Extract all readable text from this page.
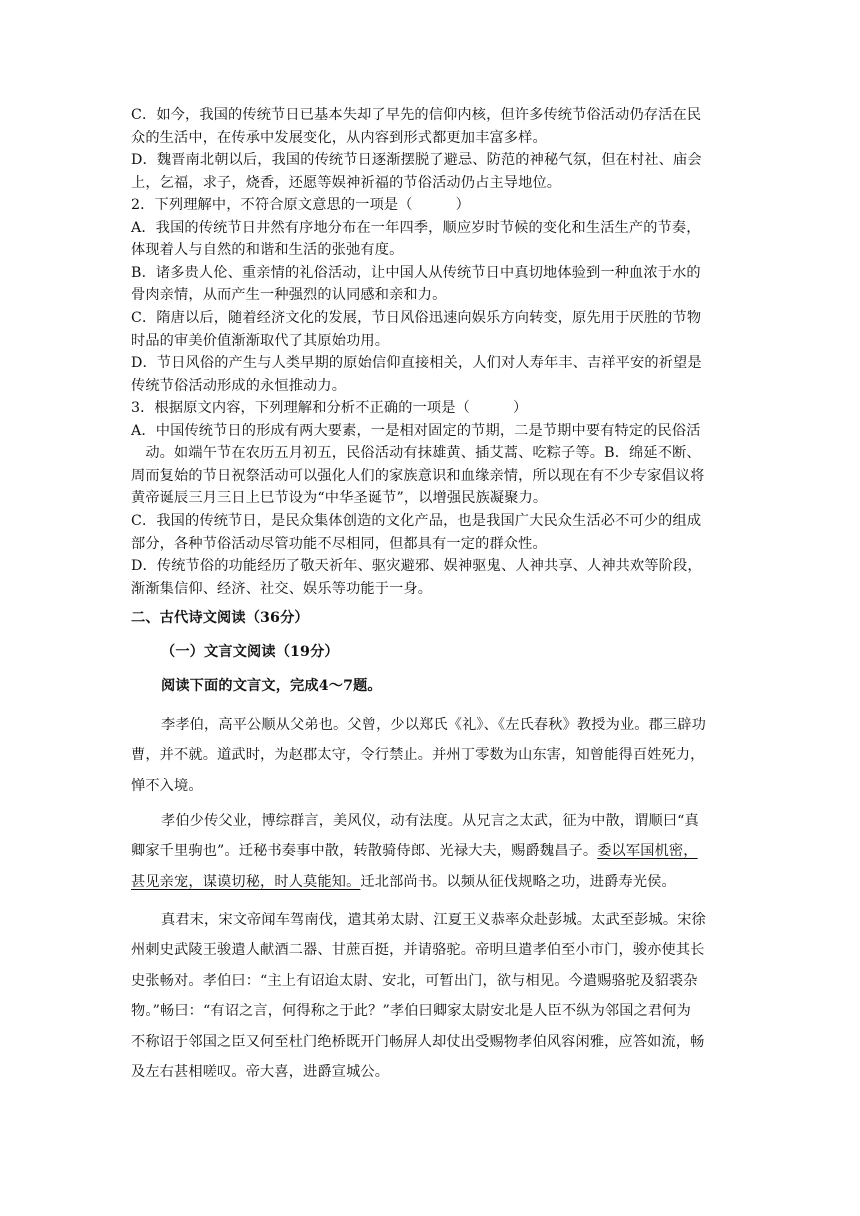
C．如今，我国的传统节日已基本失却了早先的信仰内核，但许多传统节俗活动仍存活在民
众的生活中，在传承中发展变化，从内容到形式都更加丰富多样。
D．魏晋南北朝以后，我国的传统节日逐渐摆脱了避忌、防范的神秘气氛，但在村社、庙会
上，乞福，求子，烧香，还愿等娱神祈福的节俗活动仍占主导地位。
2．下列理解中，不符合原文意思的一项是（　　　）
A．我国的传统节日井然有序地分布在一年四季，顺应岁时节候的变化和生活生产的节奏，
体现着人与自然的和谐和生活的张弛有度。
B．诸多贵人伦、重亲情的礼俗活动，让中国人从传统节日中真切地体验到一种血浓于水的
骨肉亲情，从而产生一种强烈的认同感和亲和力。
C．隋唐以后，随着经济文化的发展，节日风俗迅速向娱乐方向转变，原先用于厌胜的节物
时品的审美价值渐渐取代了其原始功用。
D．节日风俗的产生与人类早期的原始信仰直接相关，人们对人寿年丰、吉祥平安的祈望是
传统节俗活动形成的永恒推动力。
3．根据原文内容，下列理解和分析不正确的一项是（　　　）
A．中国传统节日的形成有两大要素，一是相对固定的节期，二是节期中要有特定的民俗活
　动。如端午节在农历五月初五，民俗活动有抹雄黄、插艾蒿、吃粽子等。B．绵延不断、
周而复始的节日祝祭活动可以强化人们的家族意识和血缘亲情，所以现在有不少专家倡议将
黄帝诞辰三月三日上巳节设为“中华圣诞节”，以增强民族凝聚力。
C．我国的传统节日，是民众集体创造的文化产品，也是我国广大民众生活必不可少的组成
部分，各种节俗活动尽管功能不尽相同，但都具有一定的群众性。
D．传统节俗的功能经历了敬天祈年、驱灾避邪、娱神驱鬼、人神共享、人神共欢等阶段，
渐渐集信仰、经济、社交、娱乐等功能于一身。
二、古代诗文阅读（36分）
（一）文言文阅读（19分）
阅读下面的文言文，完成4～7题。
李孝伯，高平公顺从父弟也。父曾，少以郑氏《礼》、《左氏春秋》教授为业。郡三辟功
曹，并不就。道武时，为赵郡太守，令行禁止。并州丁零数为山东害，知曾能得百姓死力，
惮不入境。
孝伯少传父业，博综群言，美风仪，动有法度。从兄言之太武，征为中散，谓顺曰“真
卿家千里驹也”。迁秘书奏事中散，转散骑侍郎、光禄大夫，赐爵魏昌子。委以军国机密，
甚见亲宠，谋谟切秘，时人莫能知。迁北部尚书。以频从征伐规略之功，进爵寿光侯。
真君末，宋文帝闻车驾南伐，遣其弟太尉、江夏王义恭率众赴彭城。太武至彭城。宋徐
州刺史武陵王骏遣人献酒二器、甘蔗百挺，并请骆驼。帝明旦遣孝伯至小市门，骏亦使其长
史张畅对。孝伯曰：“主上有诏迨太尉、安北，可暂出门，欲与相见。今遣赐骆驼及貂裘杂
物。”畅曰：“有诏之言，何得称之于此？”孝伯曰卿家太尉安北是人臣不纵为邻国之君何为
不称诏于邻国之臣又何至杜门绝桥既开门畅屏人却仗出受赐物孝伯风容闲雅，应答如流，畅
及左右甚相嗟叹。帝大喜，进爵宣城公。
